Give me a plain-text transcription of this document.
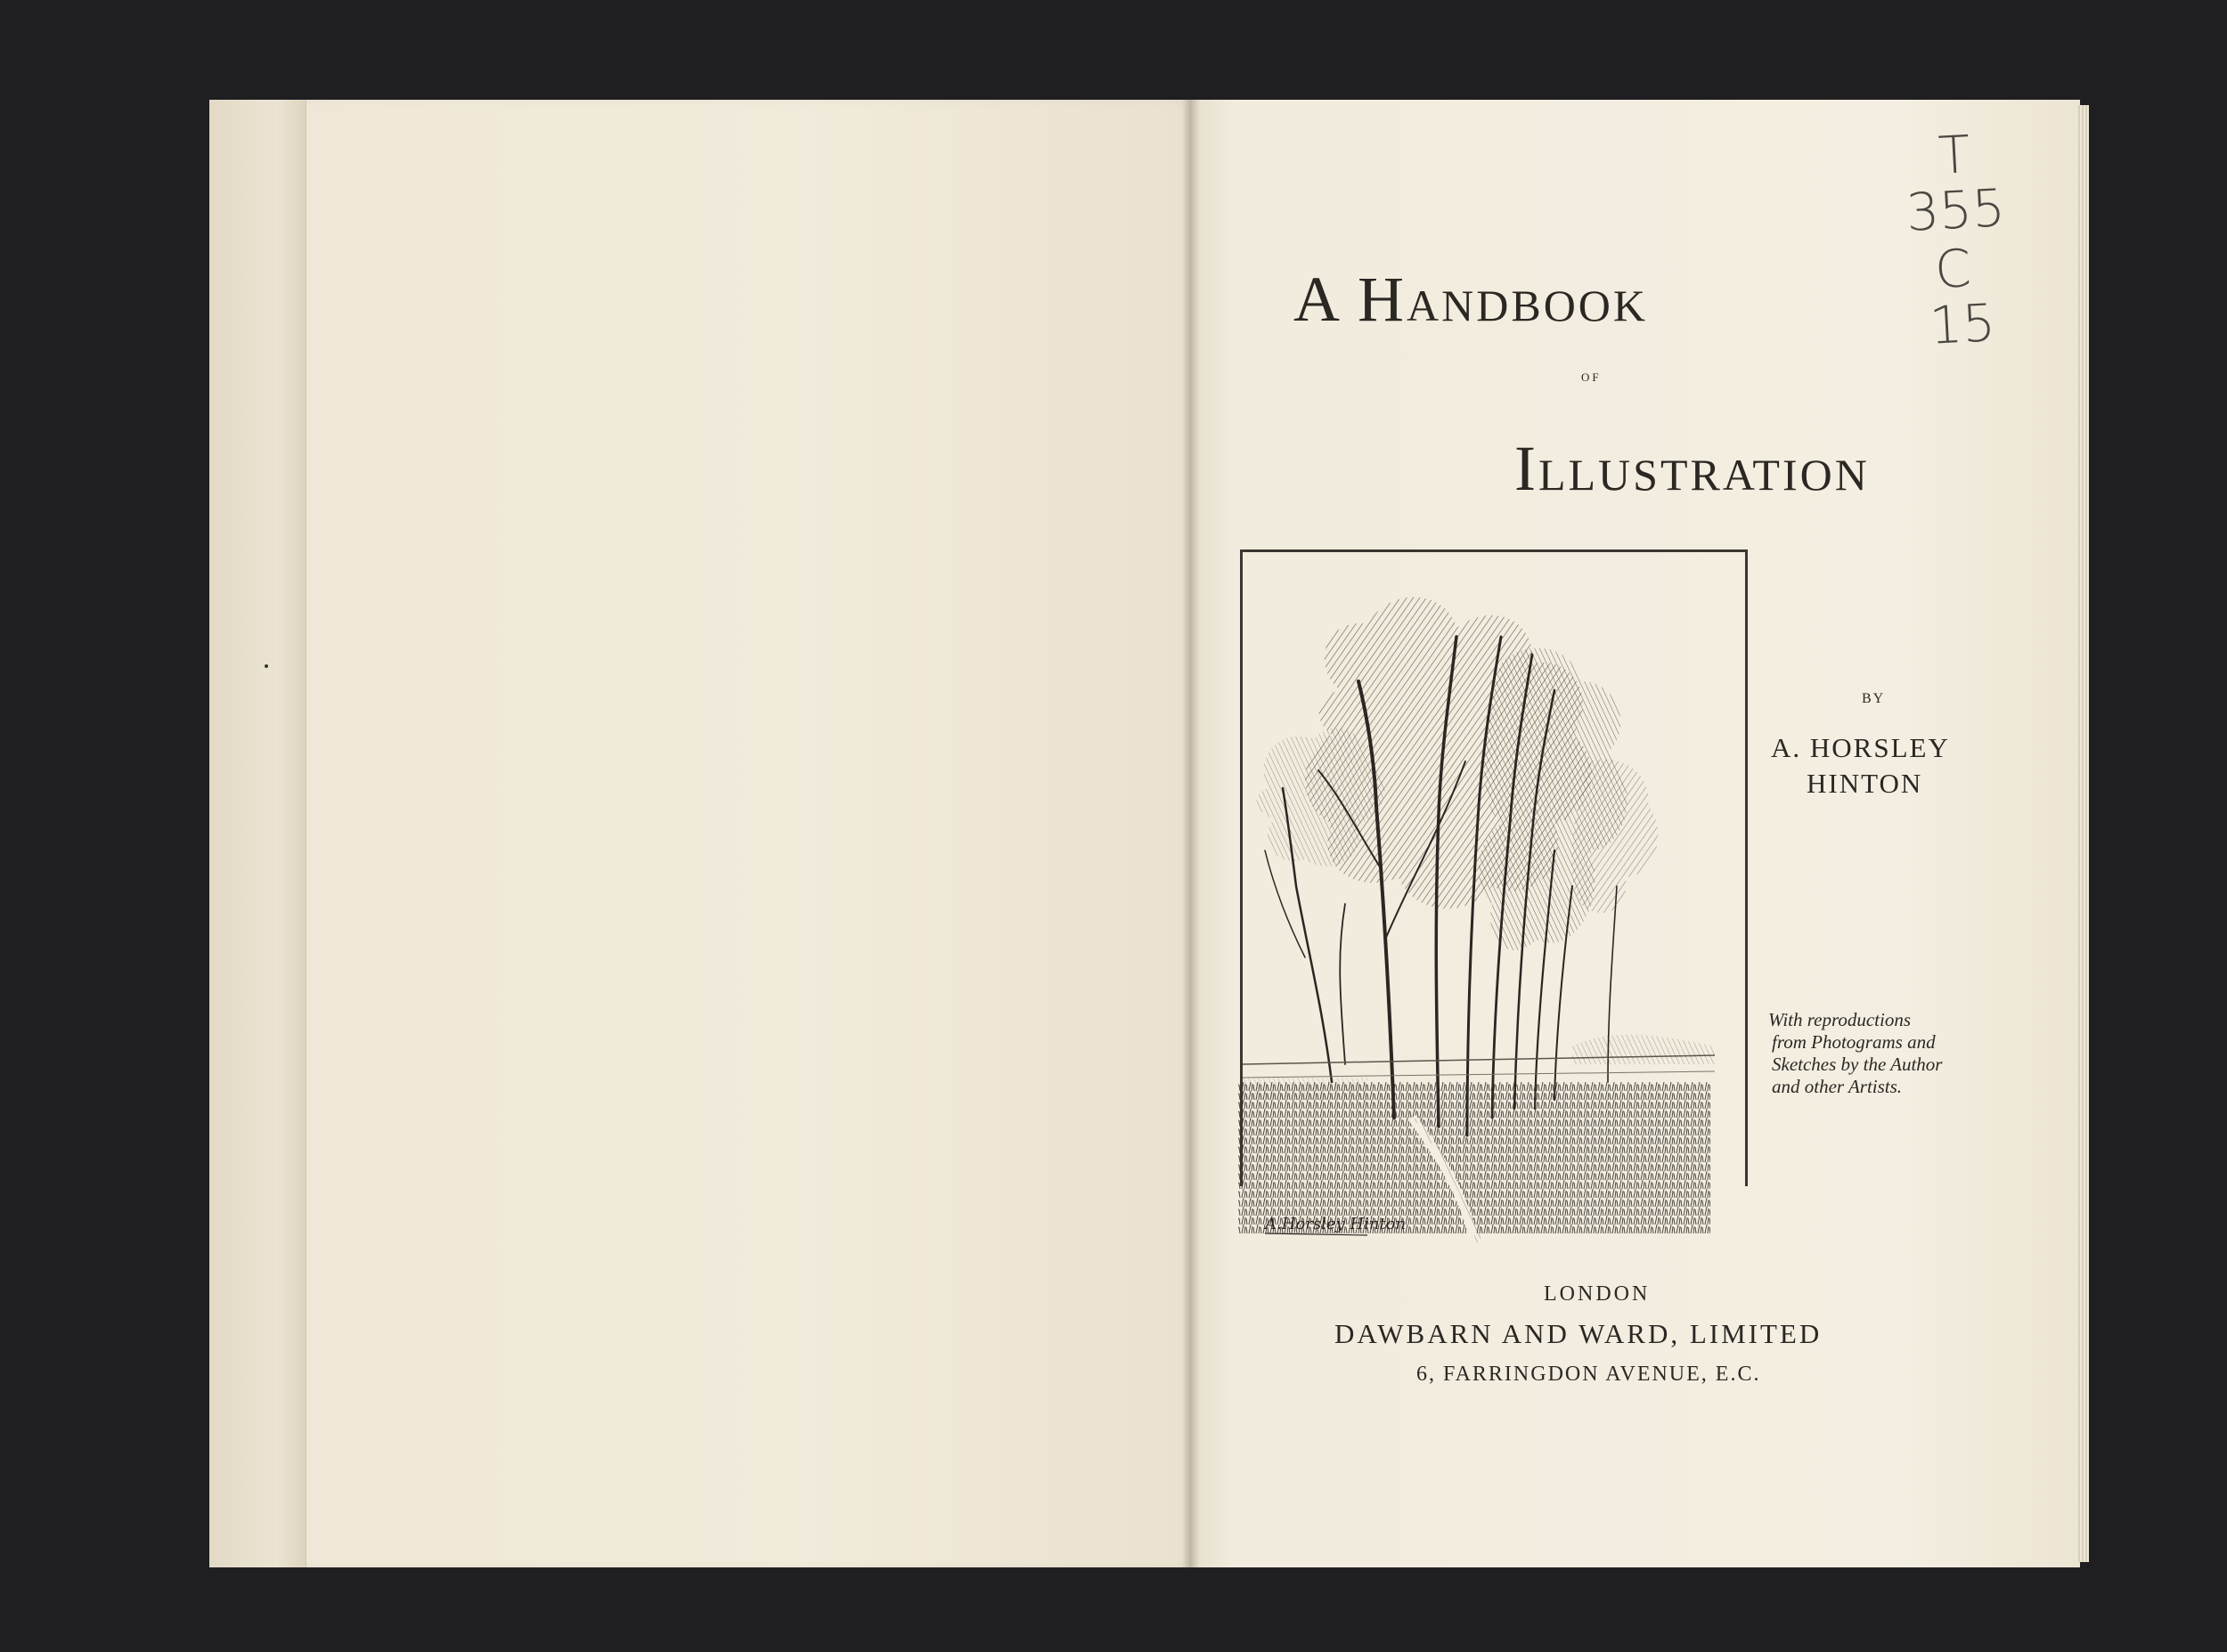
A Handbook
of
Illustration
T
355
C
15
A.Horsley Hinton
BY
A. HORSLEY
HINTON
With reproductions
from Photograms and
Sketches by the Author
and other Artists.
LONDON
DAWBARN AND WARD, LIMITED
6, FARRINGDON AVENUE, E.C.
